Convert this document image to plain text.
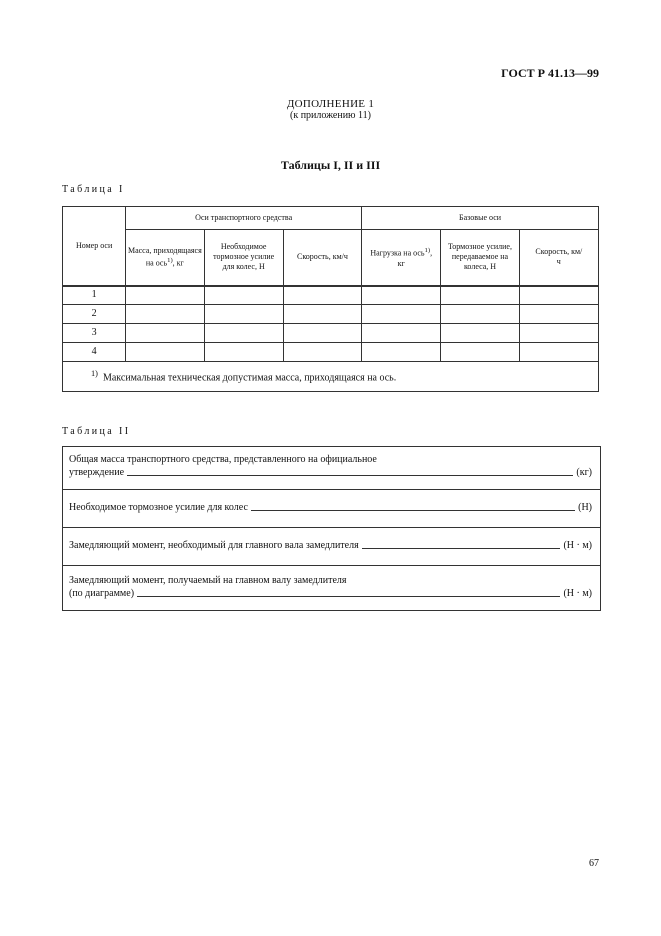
ГОСТ Р 41.13—99
ДОПОЛНЕНИЕ 1
(к приложению 11)
Таблицы I, II и III
Таблица I
Номер оси	Оси транспортного средства			Базовые оси		
	Масса, приходящаяся на ось$^{1)}$, кг	Необходимое тормозное усилие для колес, Н	Скорость, км/ч	Нагрузка на ось$^{1)}$, кг	Тормозное усилие, передаваемое на колеса, Н	Скорость, км/ч
1						
2						
3						
4						
$^{1)}$ Максимальная техническая допустимая масса, приходящаяся на ось.						
Таблица II
Общая масса транспортного средства, представленного на официальное
утверждение	(кг)
Необходимое тормозное усилие для колес	(Н)
Замедляющий момент, необходимый для главного вала замедлителя	(Н · м)
Замедляющий момент, получаемый на главном валу замедлителя
(по диаграмме)	(Н · м)
67
